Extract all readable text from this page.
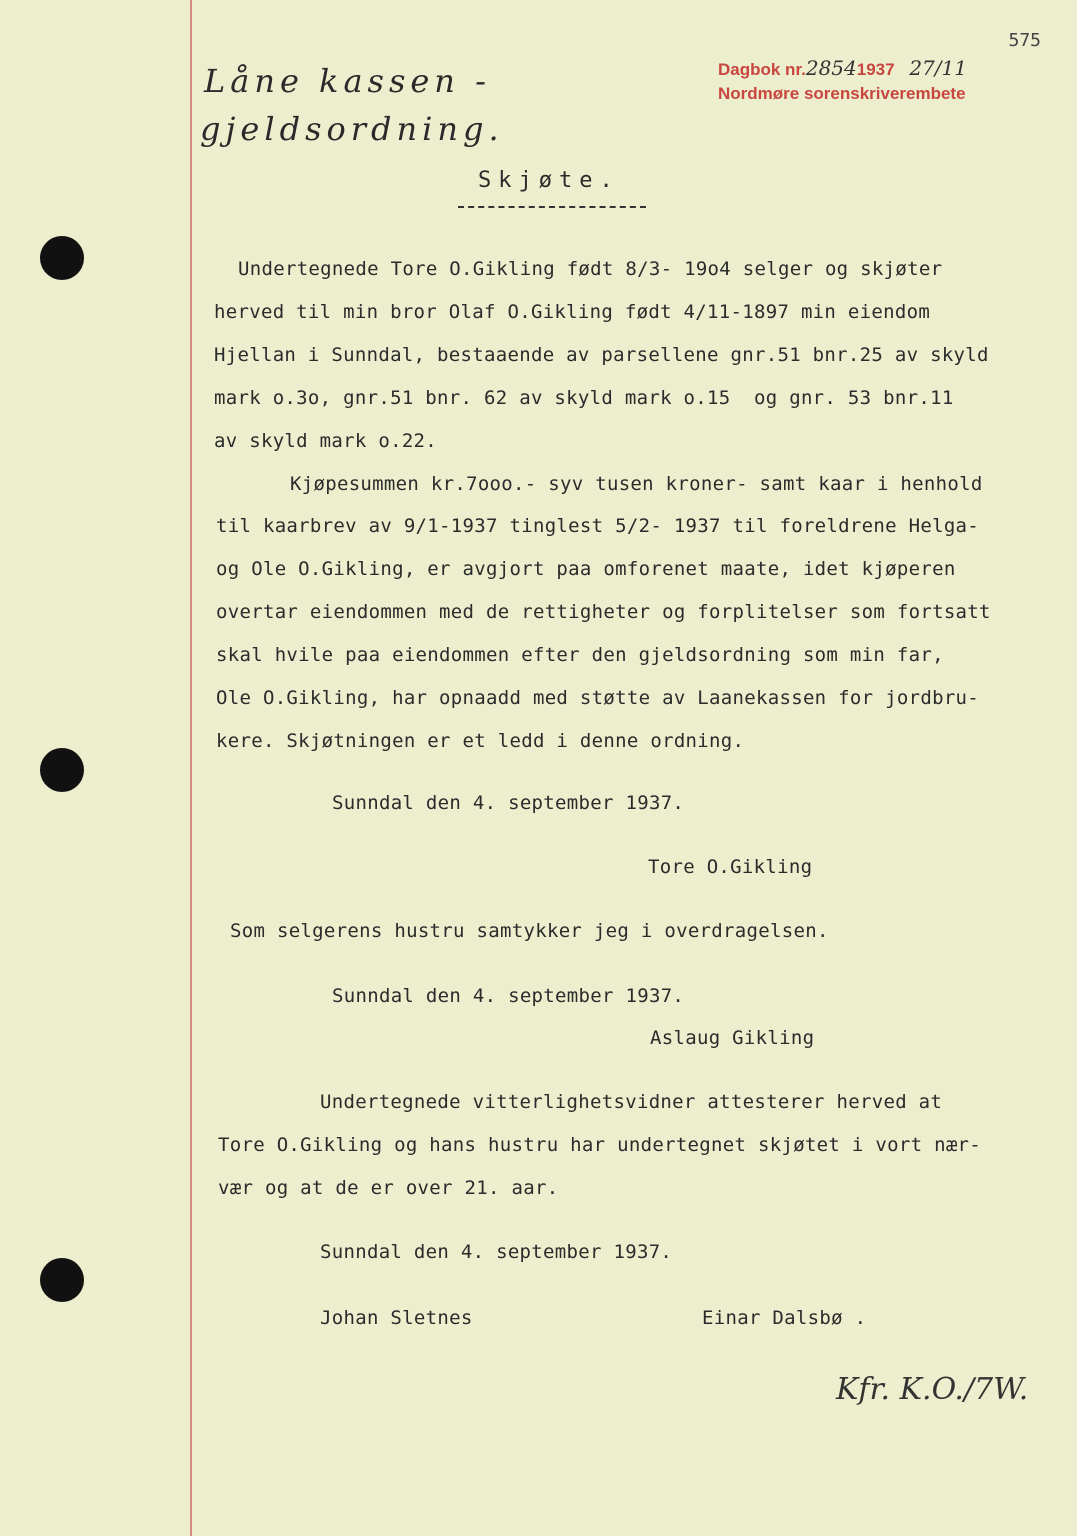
575
Dagbok nr.28541937 27/11
Nordmøre sorenskriverembete
Låne kassen -
gjeldsordning.
Skjøte.
Undertegnede Tore O.Gikling født 8/3- 19o4 selger og skjøter
herved til min bror Olaf O.Gikling født 4/11-1897 min eiendom
Hjellan i Sunndal, bestaaende av parsellene gnr.51 bnr.25 av skyld
mark o.3o, gnr.51 bnr. 62 av skyld mark o.15  og gnr. 53 bnr.11
av skyld mark o.22.
Kjøpesummen kr.7ooo.- syv tusen kroner- samt kaar i henhold
til kaarbrev av 9/1-1937 tinglest 5/2- 1937 til foreldrene Helga-
og Ole O.Gikling, er avgjort paa omforenet maate, idet kjøperen
overtar eiendommen med de rettigheter og forplitelser som fortsatt
skal hvile paa eiendommen efter den gjeldsordning som min far,
Ole O.Gikling, har opnaadd med støtte av Laanekassen for jordbru-
kere. Skjøtningen er et ledd i denne ordning.
Sunndal den 4. september 1937.
Tore O.Gikling
Som selgerens hustru samtykker jeg i overdragelsen.
Sunndal den 4. september 1937.
Aslaug Gikling
Undertegnede vitterlighetsvidner attesterer herved at
Tore O.Gikling og hans hustru har undertegnet skjøtet i vort nær-
vær og at de er over 21. aar.
Sunndal den 4. september 1937.
Johan Sletnes	Einar Dalsbø .
Kfr. K.O./7W.
